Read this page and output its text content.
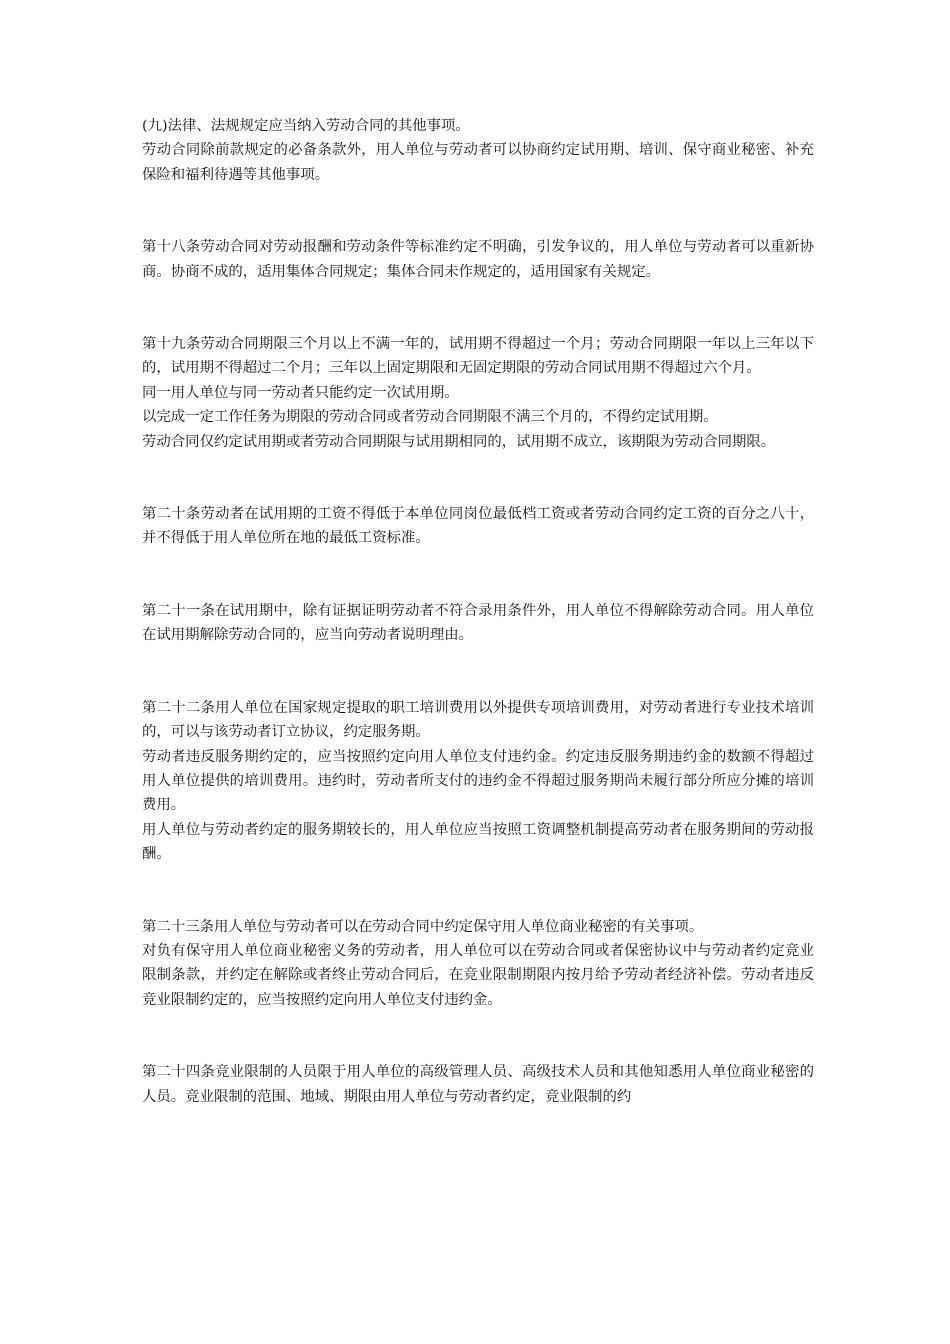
(九)法律、法规规定应当纳入劳动合同的其他事项。

劳动合同除前款规定的必备条款外，用人单位与劳动者可以协商约定试用期、培训、保守商业秘密、补充保险和福利待遇等其他事项。

第十八条劳动合同对劳动报酬和劳动条件等标准约定不明确，引发争议的，用人单位与劳动者可以重新协商。协商不成的，适用集体合同规定；集体合同未作规定的，适用国家有关规定。

第十九条劳动合同期限三个月以上不满一年的，试用期不得超过一个月；劳动合同期限一年以上三年以下的，试用期不得超过二个月；三年以上固定期限和无固定期限的劳动合同试用期不得超过六个月。

同一用人单位与同一劳动者只能约定一次试用期。

以完成一定工作任务为期限的劳动合同或者劳动合同期限不满三个月的，不得约定试用期。

劳动合同仅约定试用期或者劳动合同期限与试用期相同的，试用期不成立，该期限为劳动合同期限。

第二十条劳动者在试用期的工资不得低于本单位同岗位最低档工资或者劳动合同约定工资的百分之八十，并不得低于用人单位所在地的最低工资标准。

第二十一条在试用期中，除有证据证明劳动者不符合录用条件外，用人单位不得解除劳动合同。用人单位在试用期解除劳动合同的，应当向劳动者说明理由。

第二十二条用人单位在国家规定提取的职工培训费用以外提供专项培训费用，对劳动者进行专业技术培训的，可以与该劳动者订立协议，约定服务期。

劳动者违反服务期约定的，应当按照约定向用人单位支付违约金。约定违反服务期违约金的数额不得超过用人单位提供的培训费用。违约时，劳动者所支付的违约金不得超过服务期尚未履行部分所应分摊的培训费用。

用人单位与劳动者约定的服务期较长的，用人单位应当按照工资调整机制提高劳动者在服务期间的劳动报酬。

第二十三条用人单位与劳动者可以在劳动合同中约定保守用人单位商业秘密的有关事项。

对负有保守用人单位商业秘密义务的劳动者，用人单位可以在劳动合同或者保密协议中与劳动者约定竞业限制条款，并约定在解除或者终止劳动合同后，在竞业限制期限内按月给予劳动者经济补偿。劳动者违反竞业限制约定的，应当按照约定向用人单位支付违约金。

第二十四条竞业限制的人员限于用人单位的高级管理人员、高级技术人员和其他知悉用人单位商业秘密的人员。竞业限制的范围、地域、期限由用人单位与劳动者约定，竞业限制的约
